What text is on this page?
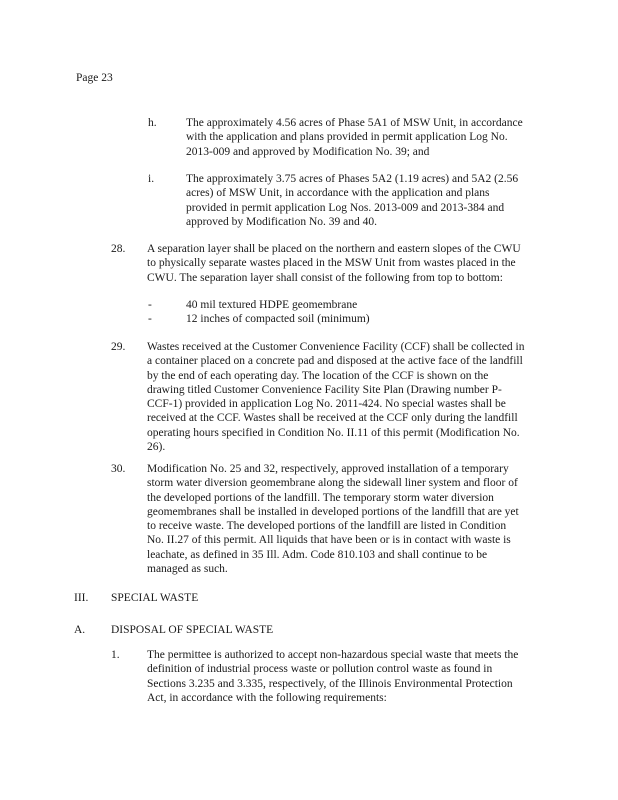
Page 23
h.	The approximately 4.56 acres of Phase 5A1 of MSW Unit, in accordance
with the application and plans provided in permit application Log No.
2013-009 and approved by Modification No. 39; and
i.	The approximately 3.75 acres of Phases 5A2 (1.19 acres) and 5A2 (2.56
acres) of MSW Unit, in accordance with the application and plans
provided in permit application Log Nos. 2013-009 and 2013-384 and
approved by Modification No. 39 and 40.
28. A separation layer shall be placed on the northern and eastern slopes of the CWU
to physically separate wastes placed in the MSW Unit from wastes placed in the
CWU. The separation layer shall consist of the following from top to bottom:
-	40 mil textured HDPE geomembrane
-	12 inches of compacted soil (minimum)
29. Wastes received at the Customer Convenience Facility (CCF) shall be collected in
a container placed on a concrete pad and disposed at the active face of the landfill
by the end of each operating day. The location of the CCF is shown on the
drawing titled Customer Convenience Facility Site Plan (Drawing number P-
CCF-1) provided in application Log No. 2011-424. No special wastes shall be
received at the CCF. Wastes shall be received at the CCF only during the landfill
operating hours specified in Condition No. II.11 of this permit (Modification No.
26).
30. Modification No. 25 and 32, respectively, approved installation of a temporary
storm water diversion geomembrane along the sidewall liner system and floor of
the developed portions of the landfill. The temporary storm water diversion
geomembranes shall be installed in developed portions of the landfill that are yet
to receive waste. The developed portions of the landfill are listed in Condition
No. II.27 of this permit. All liquids that have been or is in contact with waste is
leachate, as defined in 35 Ill. Adm. Code 810.103 and shall continue to be
managed as such.
III. SPECIAL WASTE
A. DISPOSAL OF SPECIAL WASTE
1. The permittee is authorized to accept non-hazardous special waste that meets the
definition of industrial process waste or pollution control waste as found in
Sections 3.235 and 3.335, respectively, of the Illinois Environmental Protection
Act, in accordance with the following requirements:
